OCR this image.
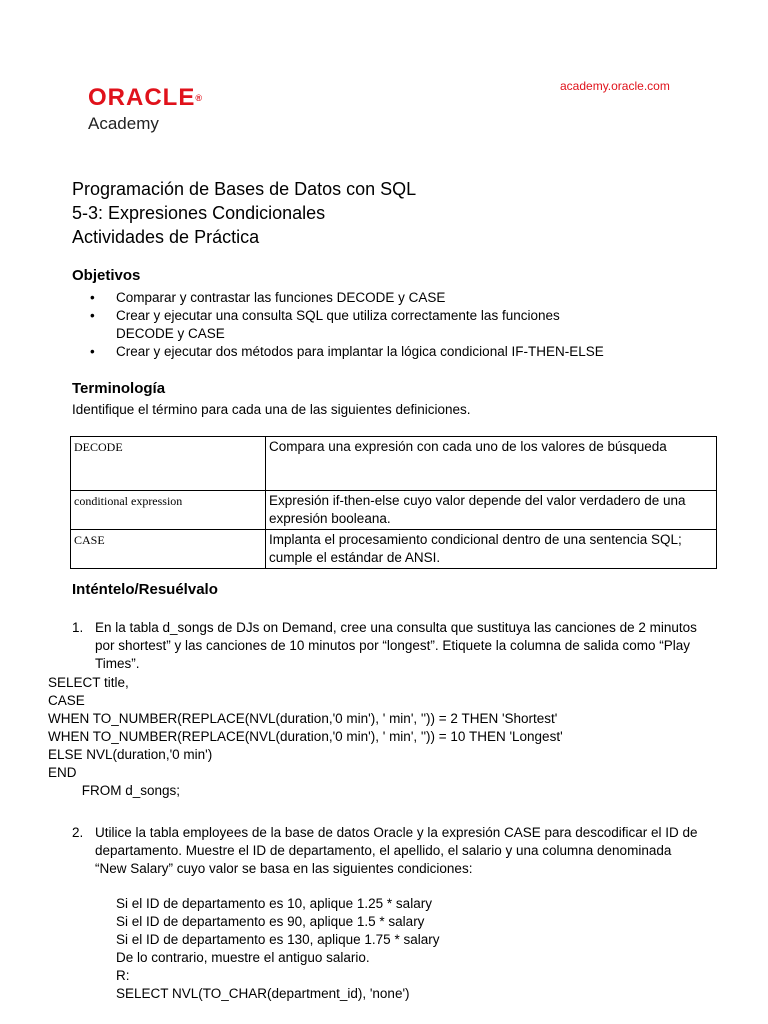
ORACLE®
Academy
academy.oracle.com
Programación de Bases de Datos con SQL
5-3: Expresiones Condicionales
Actividades de Práctica
Objetivos
• Comparar y contrastar las funciones DECODE y CASE
• Crear y ejecutar una consulta SQL que utiliza correctamente las funciones DECODE y CASE
• Crear y ejecutar dos métodos para implantar la lógica condicional IF-THEN-ELSE
Terminología
Identifique el término para cada una de las siguientes definiciones.
DECODE	Compara una expresión con cada uno de los valores de búsqueda
conditional expression	Expresión if-then-else cuyo valor depende del valor verdadero de una expresión booleana.
CASE	Implanta el procesamiento condicional dentro de una sentencia SQL; cumple el estándar de ANSI.
Inténtelo/Resuélvalo
1. En la tabla d_songs de DJs on Demand, cree una consulta que sustituya las canciones de 2 minutos por shortest” y las canciones de 10 minutos por “longest”. Etiquete la columna de salida como “Play Times”.
SELECT title,
CASE
WHEN TO_NUMBER(REPLACE(NVL(duration,'0 min'), ' min', '')) = 2 THEN 'Shortest'
WHEN TO_NUMBER(REPLACE(NVL(duration,'0 min'), ' min', '')) = 10 THEN 'Longest'
ELSE NVL(duration,'0 min')
END
FROM d_songs;
2. Utilice la tabla employees de la base de datos Oracle y la expresión CASE para descodificar el ID de departamento. Muestre el ID de departamento, el apellido, el salario y una columna denominada “New Salary” cuyo valor se basa en las siguientes condiciones:
Si el ID de departamento es 10, aplique 1.25 * salary
Si el ID de departamento es 90, aplique 1.5 * salary
Si el ID de departamento es 130, aplique 1.75 * salary
De lo contrario, muestre el antiguo salario.
R:
SELECT NVL(TO_CHAR(department_id), 'none')
